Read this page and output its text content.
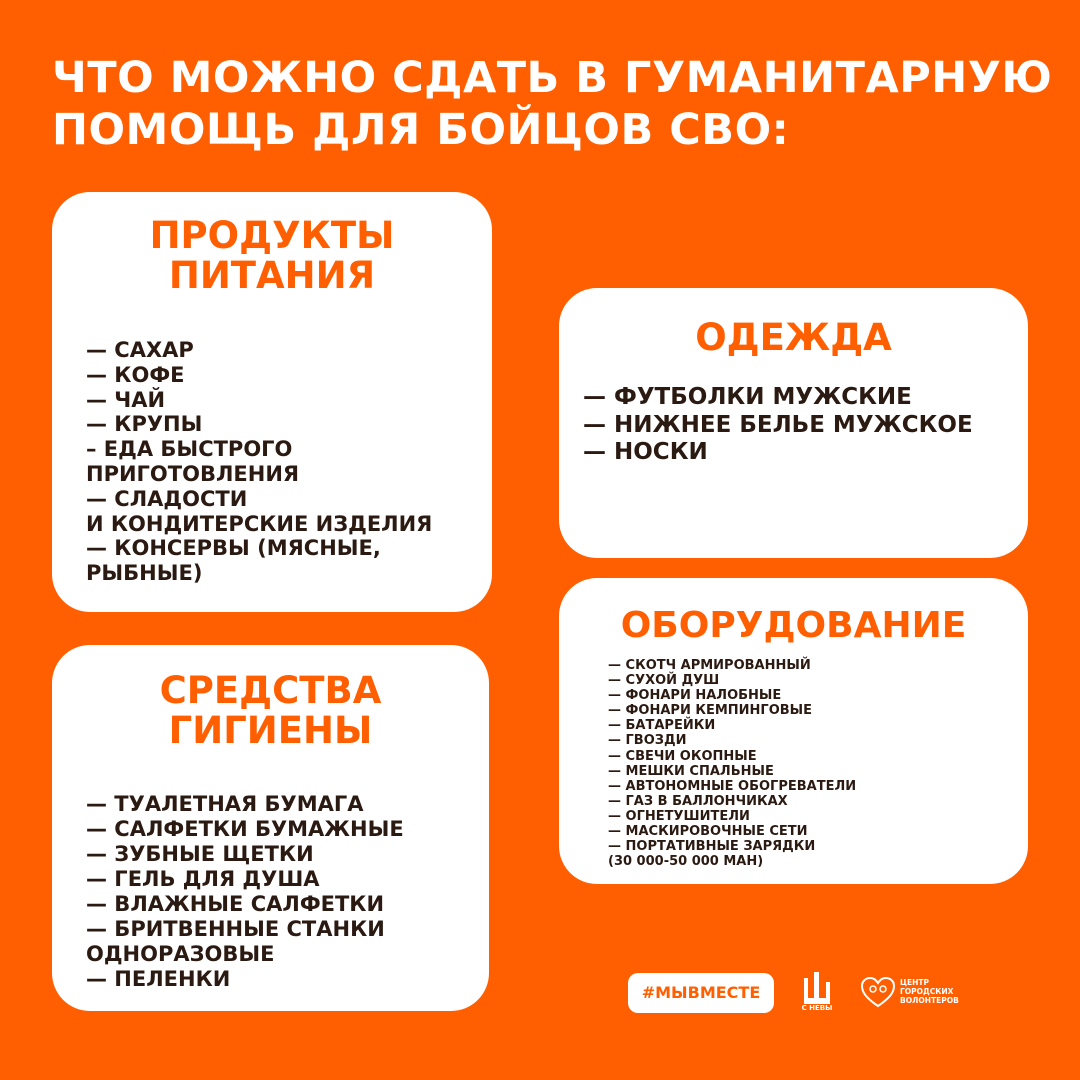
ЧТО МОЖНО СДАТЬ В ГУМАНИТАРНУЮ
ПОМОЩЬ ДЛЯ БОЙЦОВ СВО:
ПРОДУКТЫ
ПИТАНИЯ
— САХАР
— КОФЕ
— ЧАЙ
— КРУПЫ
– ЕДА БЫСТРОГО
ПРИГОТОВЛЕНИЯ
— СЛАДОСТИ
И КОНДИТЕРСКИЕ ИЗДЕЛИЯ
— КОНСЕРВЫ (МЯСНЫЕ,
РЫБНЫЕ)
ОДЕЖДА
— ФУТБОЛКИ МУЖСКИЕ
— НИЖНЕЕ БЕЛЬЕ МУЖСКОЕ
— НОСКИ
СРЕДСТВА
ГИГИЕНЫ
— ТУАЛЕТНАЯ БУМАГА
— САЛФЕТКИ БУМАЖНЫЕ
— ЗУБНЫЕ ЩЕТКИ
— ГЕЛЬ ДЛЯ ДУША
— ВЛАЖНЫЕ САЛФЕТКИ
— БРИТВЕННЫЕ СТАНКИ
ОДНОРАЗОВЫЕ
— ПЕЛЕНКИ
ОБОРУДОВАНИЕ
— СКОТЧ АРМИРОВАННЫЙ
— СУХОЙ ДУШ
— ФОНАРИ НАЛОБНЫЕ
— ФОНАРИ КЕМПИНГОВЫЕ
— БАТАРЕЙКИ
— ГВОЗДИ
— СВЕЧИ ОКОПНЫЕ
— МЕШКИ СПАЛЬНЫЕ
— АВТОНОМНЫЕ ОБОГРЕВАТЕЛИ
— ГАЗ В БАЛЛОНЧИКАХ
— ОГНЕТУШИТЕЛИ
— МАСКИРОВОЧНЫЕ СЕТИ
— ПОРТАТИВНЫЕ ЗАРЯДКИ
(30 000-50 000 MAH)
#МЫВМЕСТЕ
С НЕВЫ
ЦЕНТР
ГОРОДСКИХ
ВОЛОНТЕРОВ
